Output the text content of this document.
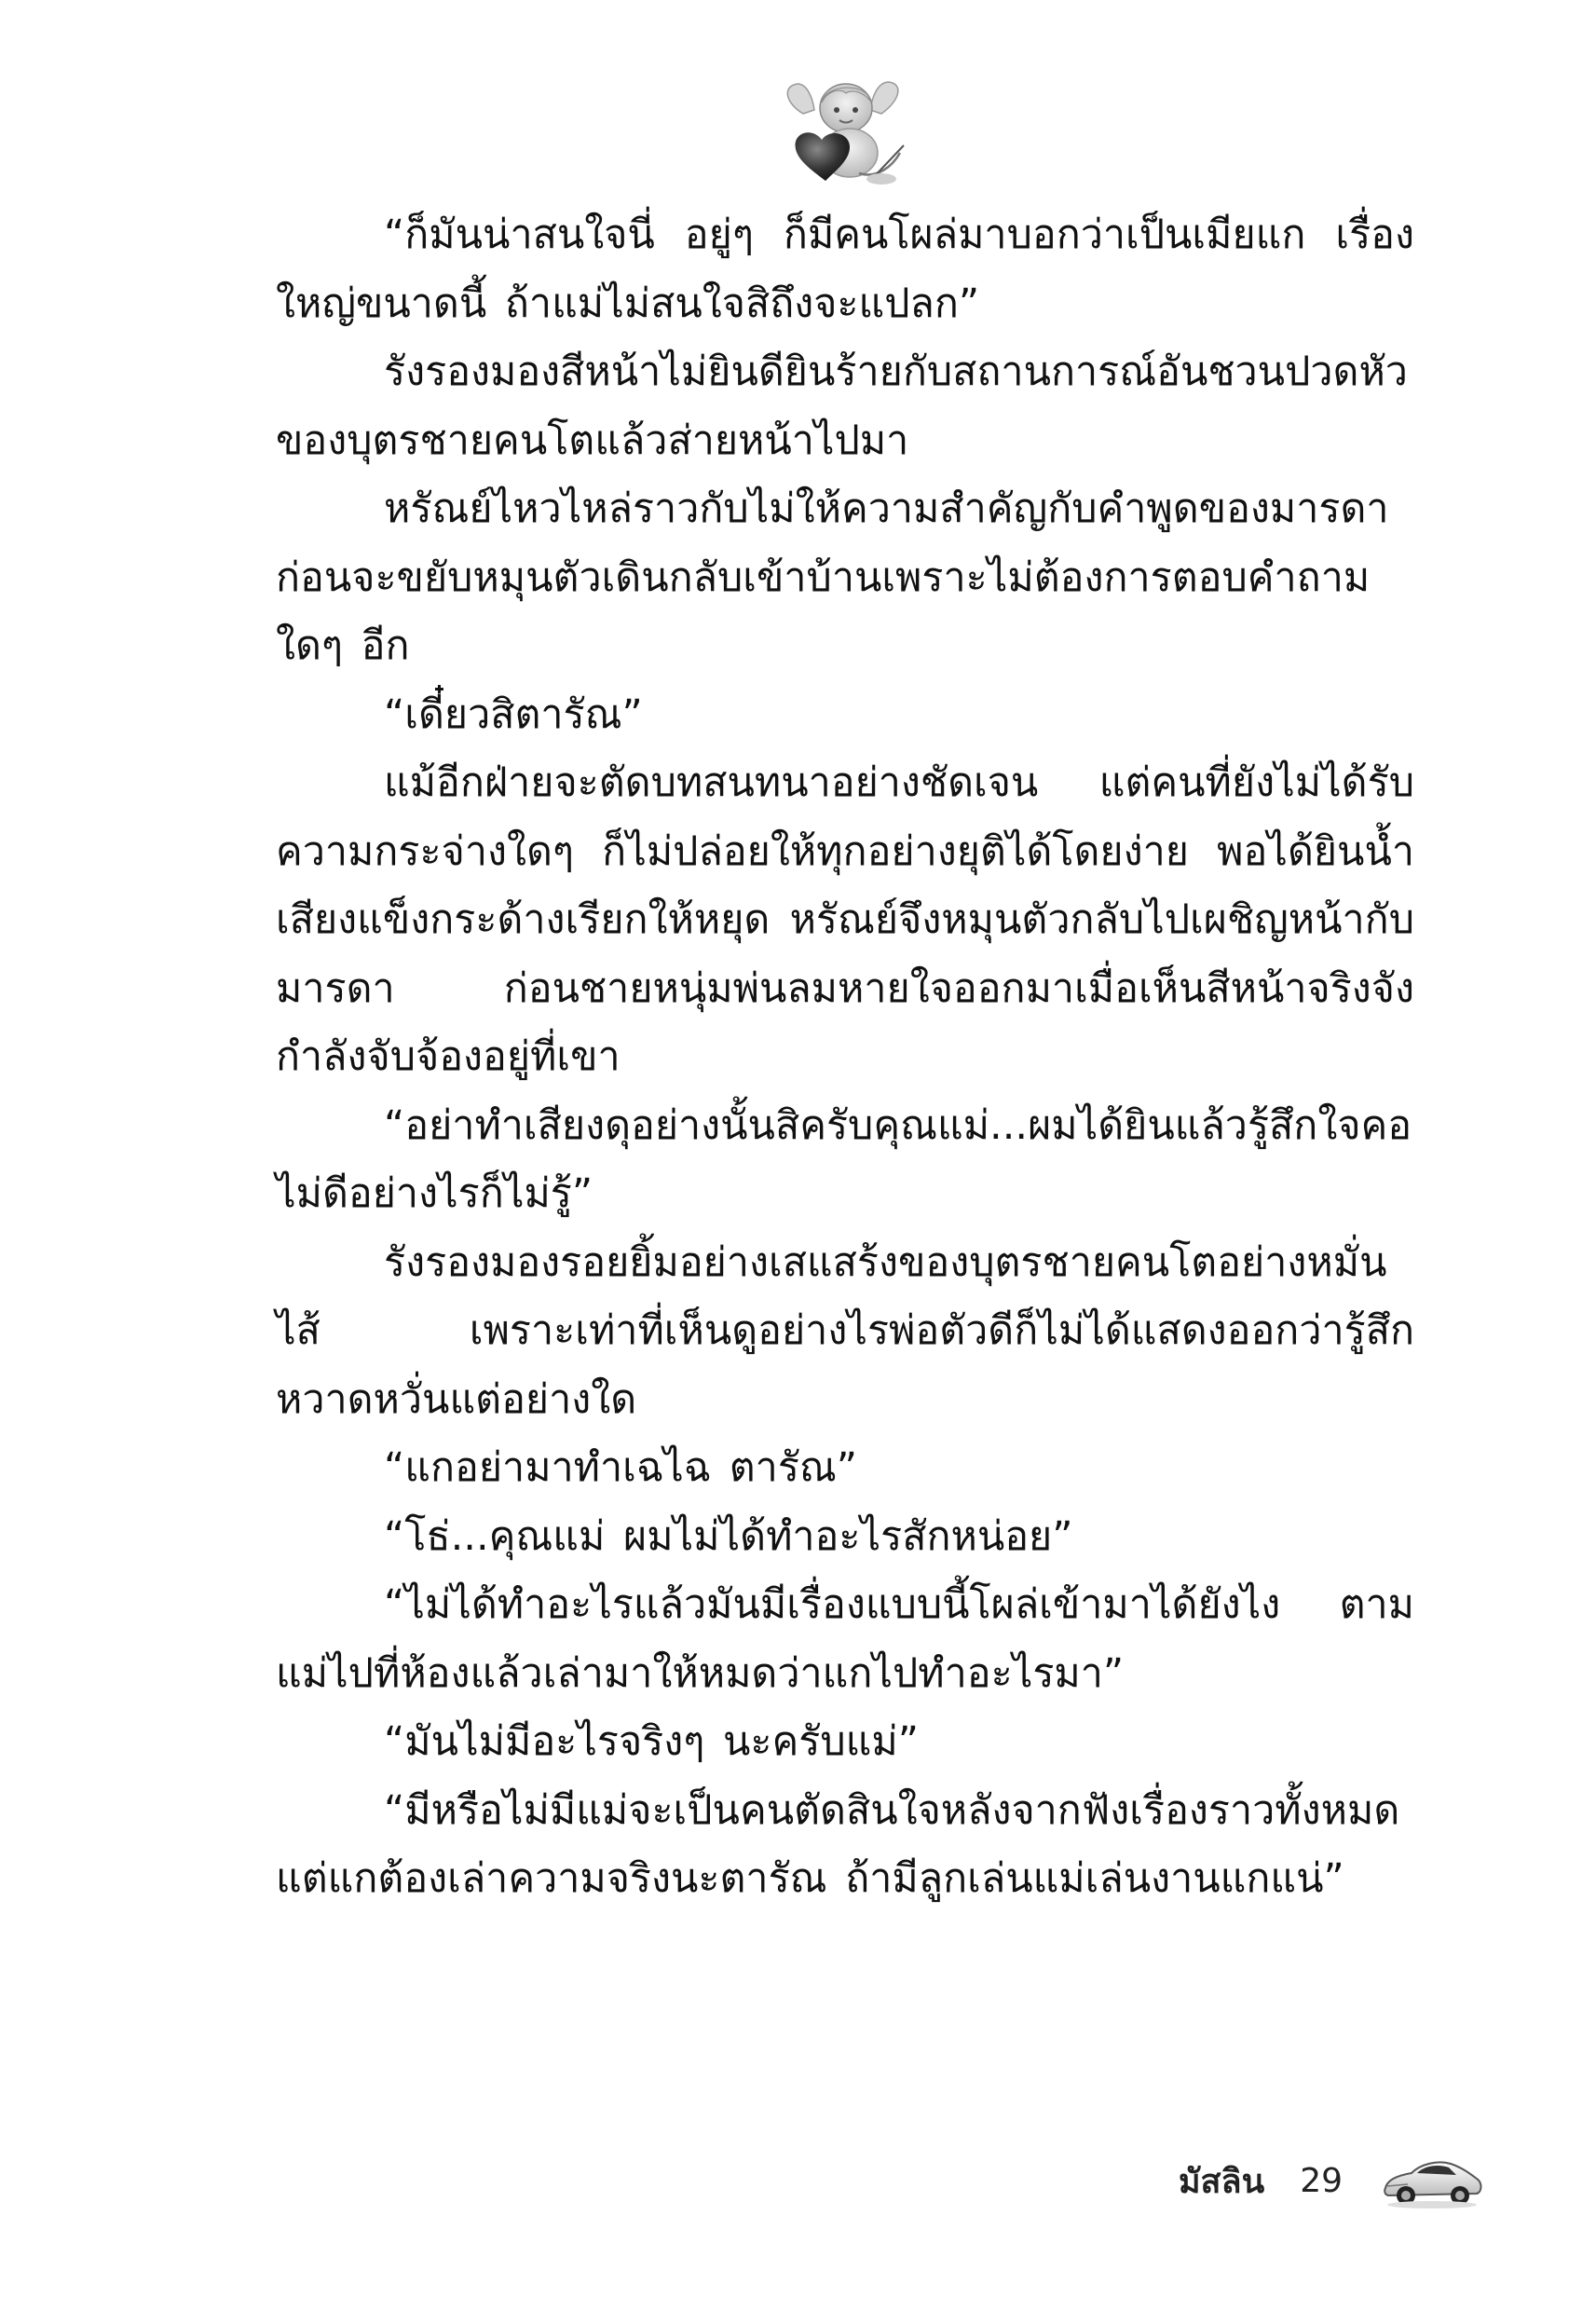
“ก็มันน่าสนใจนี่ อยู่ๆ ก็มีคนโผล่มาบอกว่าเป็นเมียแก เรื่องใหญ่ขนาดนี้ ถ้าแม่ไม่สนใจสิถึงจะแปลก”

รังรองมองสีหน้าไม่ยินดียินร้ายกับสถานการณ์อันชวนปวดหัวของบุตรชายคนโตแล้วส่ายหน้าไปมา

หรัณย์ไหวไหล่ราวกับไม่ให้ความสำคัญกับคำพูดของมารดาก่อนจะขยับหมุนตัวเดินกลับเข้าบ้านเพราะไม่ต้องการตอบคำถามใดๆ อีก

“เดี๋ยวสิตารัณ”

แม้อีกฝ่ายจะตัดบทสนทนาอย่างชัดเจน แต่คนที่ยังไม่ได้รับความกระจ่างใดๆ ก็ไม่ปล่อยให้ทุกอย่างยุติได้โดยง่าย พอได้ยินน้ำเสียงแข็งกระด้างเรียกให้หยุด หรัณย์จึงหมุนตัวกลับไปเผชิญหน้ากับมารดา ก่อนชายหนุ่มพ่นลมหายใจออกมาเมื่อเห็นสีหน้าจริงจังกำลังจับจ้องอยู่ที่เขา

“อย่าทำเสียงดุอย่างนั้นสิครับคุณแม่...ผมได้ยินแล้วรู้สึกใจคอไม่ดีอย่างไรก็ไม่รู้”

รังรองมองรอยยิ้มอย่างเสแสร้งของบุตรชายคนโตอย่างหมั่นไส้ เพราะเท่าที่เห็นดูอย่างไรพ่อตัวดีก็ไม่ได้แสดงออกว่ารู้สึกหวาดหวั่นแต่อย่างใด

“แกอย่ามาทำเฉไฉ ตารัณ”

“โธ่...คุณแม่ ผมไม่ได้ทำอะไรสักหน่อย”

“ไม่ได้ทำอะไรแล้วมันมีเรื่องแบบนี้โผล่เข้ามาได้ยังไง ตามแม่ไปที่ห้องแล้วเล่ามาให้หมดว่าแกไปทำอะไรมา”

“มันไม่มีอะไรจริงๆ นะครับแม่”

“มีหรือไม่มีแม่จะเป็นคนตัดสินใจหลังจากฟังเรื่องราวทั้งหมด แต่แกต้องเล่าความจริงนะตารัณ ถ้ามีลูกเล่นแม่เล่นงานแกแน่”

มัสลิน 29
